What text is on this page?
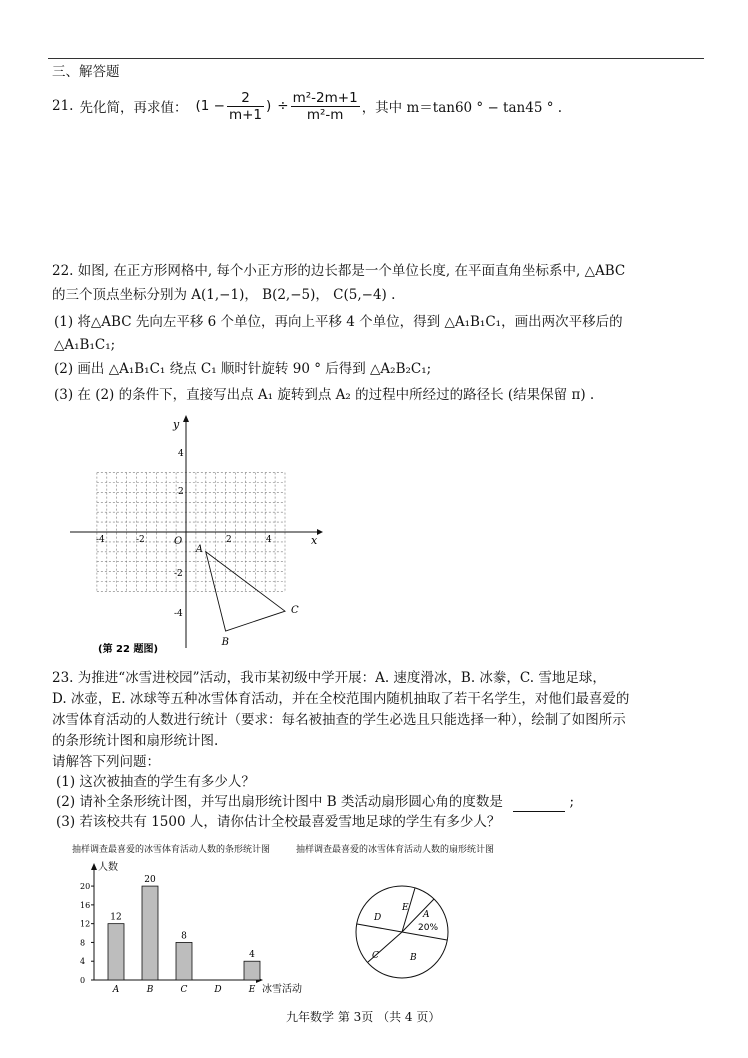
三、解答题
21. 先化简，再求值： ($1 - \frac{2}{m+1}$ ) ÷ $\frac{\text{m²-2m+1}}{\text{m²-m}}$ ，其中 m＝tan60 ° − tan45 ° .
22. 如图, 在正方形网格中, 每个小正方形的边长都是一个单位长度, 在平面直角坐标系中, △ABC
的三个顶点坐标分别为 A(1,−1)， B(2,−5)， C(5,−4) .
(1) 将△ABC 先向左平移 6 个单位，再向上平移 4 个单位，得到 △A₁B₁C₁，画出两次平移后的
△A₁B₁C₁;
(2) 画出 △A₁B₁C₁ 绕点 C₁ 顺时针旋转 90 ° 后得到 △A₂B₂C₁;
(3) 在 (2) 的条件下，直接写出点 A₁ 旋转到点 A₂ 的过程中所经过的路径长 (结果保留 π) .
x
y
O
-4	-2	2	4
4
2
-2
-4
A
B
C
(第 22 题图)
23. 为推进“冰雪进校园”活动，我市某初级中学开展：A. 速度滑冰，B. 冰豢，C. 雪地足球，
D. 冰壶，E. 冰球等五种冰雪体育活动，并在全校范围内随机抽取了若干名学生，对他们最喜爱的
冰雪体育活动的人数进行统计（要求：每名被抽查的学生必选且只能选择一种），绘制了如图所示
的条形统计图和扇形统计图.
请解答下列问题：
(1) 这次被抽查的学生有多少人？
(2) 请补全条形统计图，并写出扇形统计图中 B 类活动扇形圆心角的度数是	;
(3) 若该校共有 1500 人，请你估计全校最喜爱雪地足球的学生有多少人？
抽样调查最喜爱的冰雪体育活动人数的条形统计图	抽样调查最喜爱的冰雪体育活动人数的扇形统计图
人数
冰雪活动
0
4
8
12
16
20
12
A
20
B
8
C	D
4
E
A
20%
B
C
D
E
九年数学 第 3页 （共 4 页）
